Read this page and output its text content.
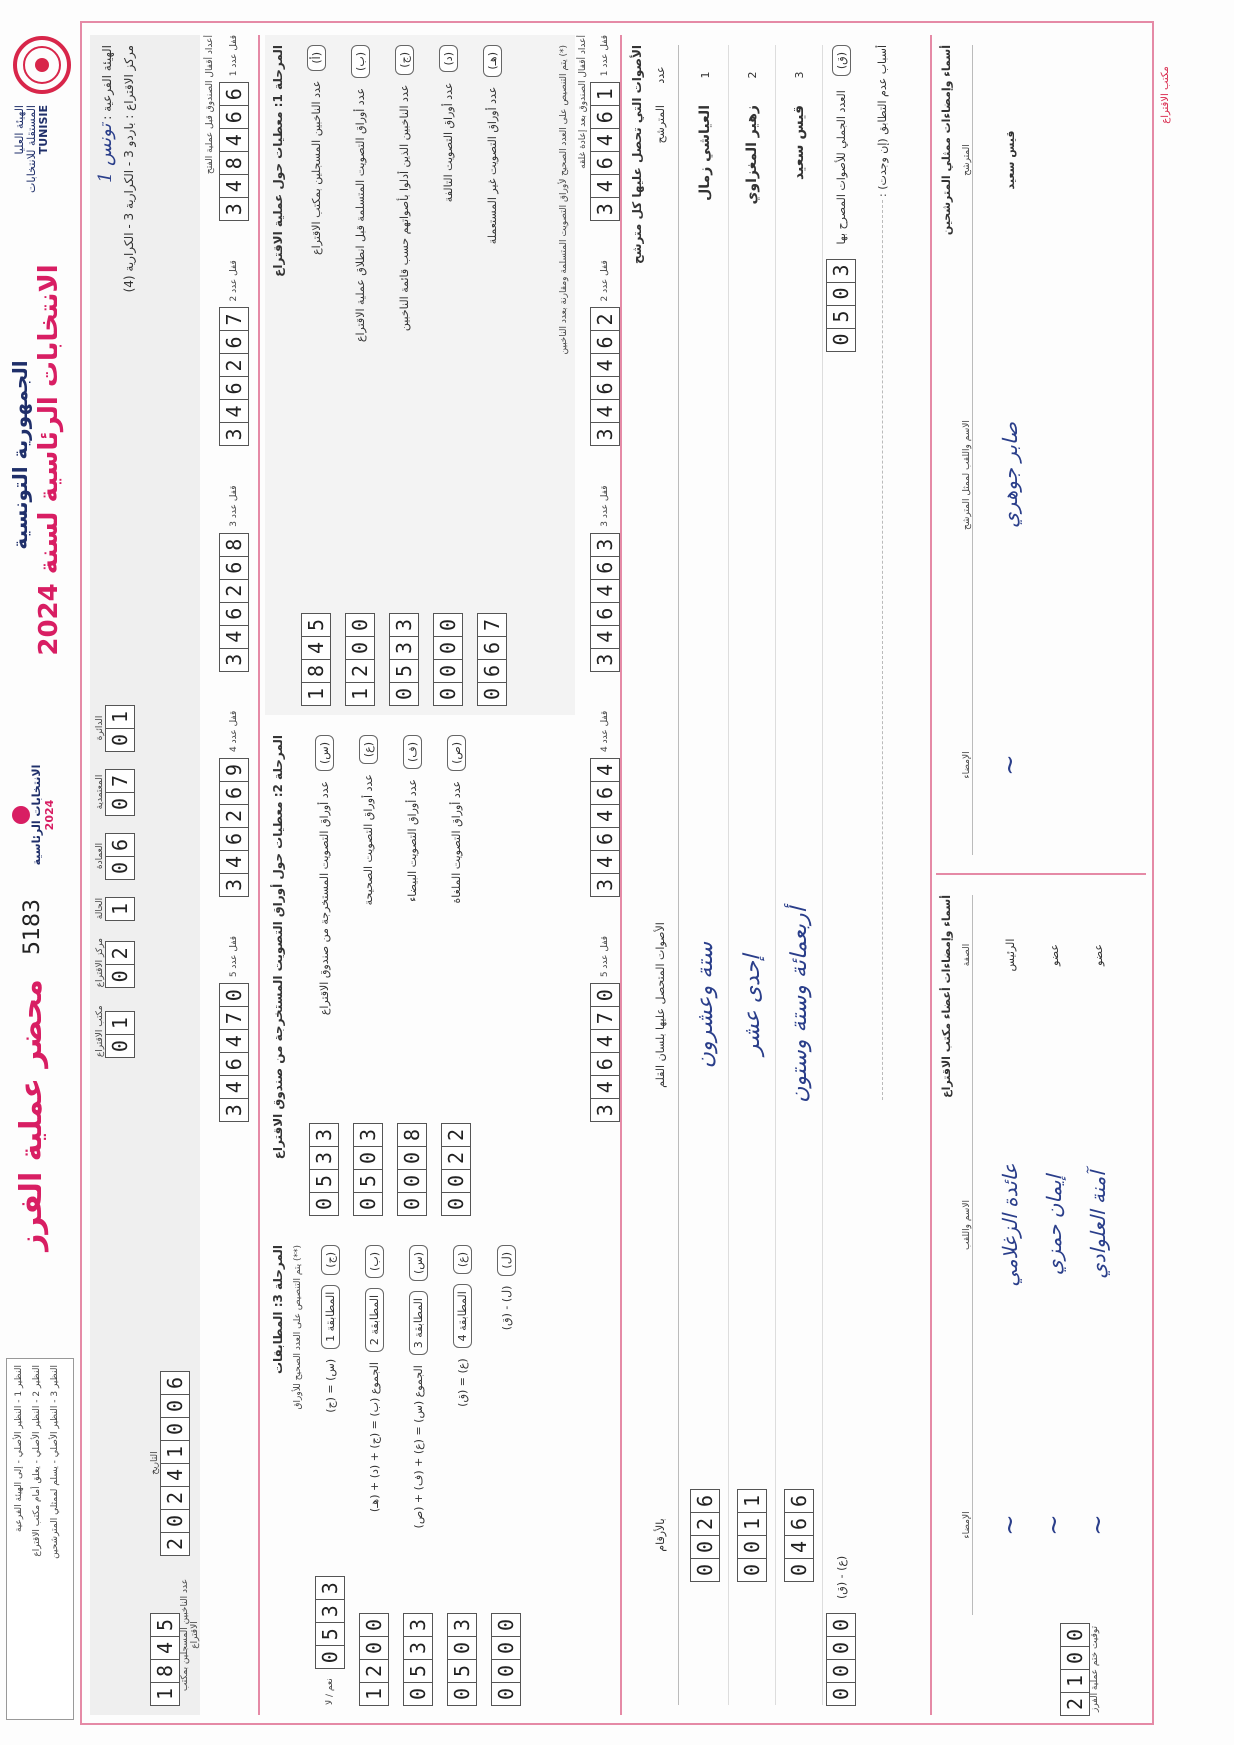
الهيئة العليا المستقلة للانتخابات TUNISIE
الجمهورية التونسية
الانتخابات الرئاسية لسنة 2024
الانتخابات الرئاسية 2024
5183
محضر عملية الفرز
النظير 1 - النظير الأصلي - إلى الهيئة الفرعية
النظير 2 - النظير الأصلي - يعلق أمام مكتب الاقتراع
النظير 3 - النظير الأصلي - يسلم لممثلي المترشحين
الهيئة الفرعية : تونس 1
مركز الاقتراع : باردو 3 - الكرارية 3 - الكرارية (4)
الدائرة 0
1
المعتمدية 0
7
العمادة 0
6
الحالة 1
مركز الاقتراع 0
2
مكتب الاقتراع 0
1
التاريخ
2
0
2
4
1
0
0
6
1
8
4
5 عدد الناخبين المسجلين بمكتب الاقتراع
أعداد أقفال الصندوق قبل عملية الفتح قفل عدد 1
3
4
8
4
6
6
قفل عدد 2
3
4
6
2
6
7
قفل عدد 3
3
4
6
2
6
8
قفل عدد 4
3
4
6
2
6
9
قفل عدد 5
3
4
6
4
7
0
المرحلة 1: معطيات حول عملية الاقتراع (أ)
عدد الناخبين المسجلين بمكتب الاقتراع
1
8
4
5
(ب)
عدد أوراق التصويت المتسلمة قبل انطلاق عملية الاقتراع
1
2
0
0
(ج)
عدد الناخبين الذين أدلوا بأصواتهم حسب قائمة الناخبين
0
5
3
3
(د)
عدد أوراق التصويت التالفة
0
0
0
0
(هـ)
عدد أوراق التصويت غير المستعملة
0
6
6
7
(*) يتم التنصيص على العدد الصحيح لأوراق التصويت المتسلمة ومقارنة بعدد الناخبين
المرحلة 2: معطيات حول أوراق التصويت المستخرجة من صندوق الاقتراع	(س)
عدد أوراق التصويت المستخرجة من صندوق الاقتراع
0
5
3
3
(ع)
عدد أوراق التصويت الصحيحة
0
5
0
3
(ف)
عدد أوراق التصويت البيضاء
0
0
0
8
(ص)
عدد أوراق التصويت الملغاة
0
0
2
2
المرحلة 3: المطابقات (**) يتم التنصيص على العدد الصحيح للأوراق (ج)
المطابقة 1
(س) = (ج)
0
5
3
3
نعم / لا
(ب)
المطابقة 2
الجموع (ب) = (ج) + (د) + (هـ)
1
2
0
0
(س)
المطابقة 3
الجموع (س) = (ع) + (ف) + (ص)
0
5
3
3
(ع)
المطابقة 4
(ع) = (ق)
0
5
0
3
(ل)
(ل) - (ق)
0
0
0
0
أعداد أقفال الصندوق بعد إعادة غلقه قفل عدد 1
3
4
6
4
6
1
قفل عدد 2
3
4
6
4
6
2
قفل عدد 3
3
4
6
4
6
3
قفل عدد 4
3
4
6
4
6
4
قفل عدد 5
3
4
6
4
7
0
الأصوات التي تحصل عليها كل مترشح عدد
المترشح
الأصوات المتحصل عليها بلسان القلم
بالأرقام
1
العياشي زمال
ستة وعشرون
0
0
2
6
2
زهير المغزاوي
إحدى عشر
0
0
1
1
3
قيس سعيد
أربعمائة وستة وستون
0
4
6
6
(ق)
العدد الجملي للأصوات المصرح بها
0
5
0
3
(ع) - (ق)
0
0
0
0
أسباب عدم التطابق (إن وجدت) :	أسماء وإمضاءات ممثلي المترشحين المترشح
الاسم واللقب لممثل المترشح
الإمضاء
قيس سعيد
صابر جوهري
~
أسماء وإمضاءات أعضاء مكتب الاقتراع الصفة
الاسم واللقب
الإمضاء
الرئيس
عائدة الزغلامي
~
عضو
إيمان حمزي
~
عضو
آمنة العلوادي
~
2
1
0
0 توقيت ختم عملية الفرز
مكتب الاقتراع
